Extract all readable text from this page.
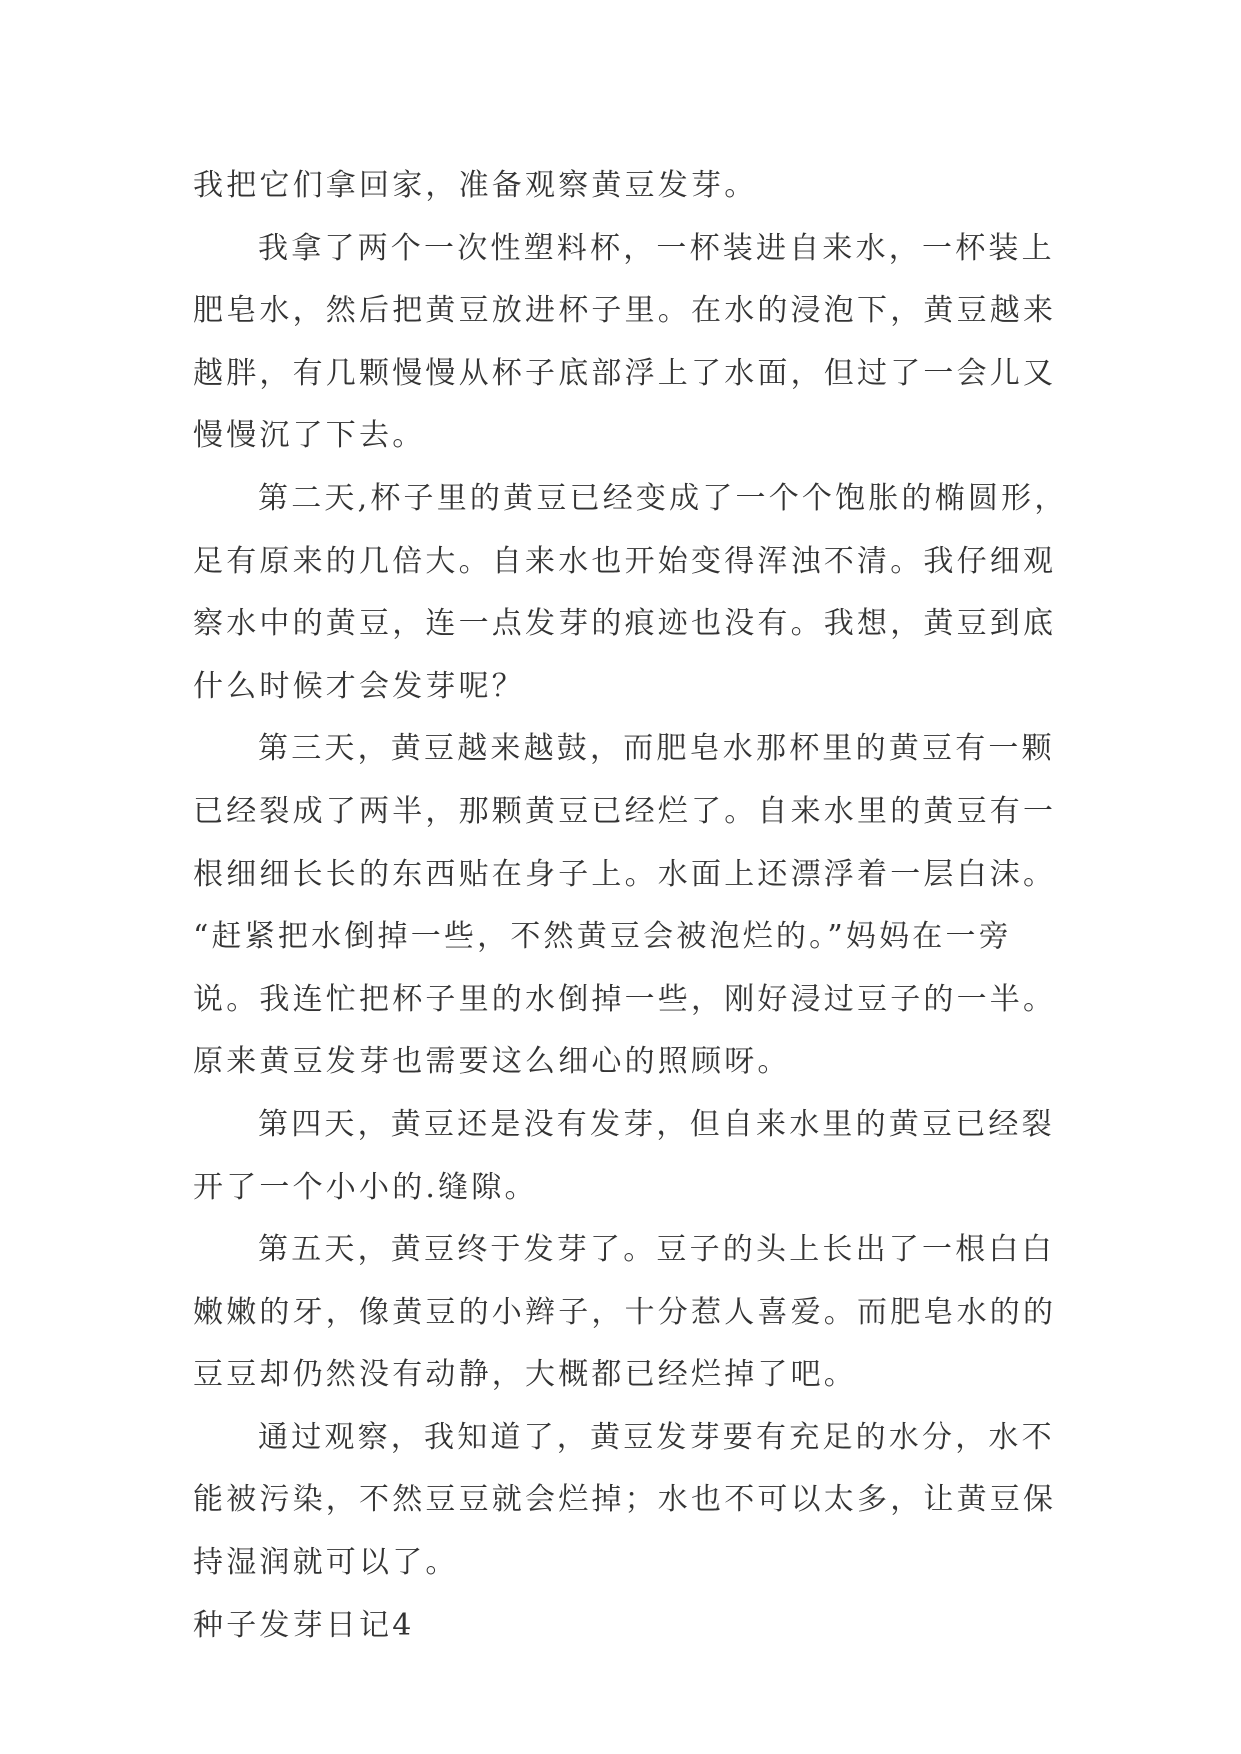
我把它们拿回家，准备观察黄豆发芽。
我拿了两个一次性塑料杯，一杯装进自来水，一杯装上
肥皂水，然后把黄豆放进杯子里。在水的浸泡下，黄豆越来
越胖，有几颗慢慢从杯子底部浮上了水面，但过了一会儿又
慢慢沉了下去。
第二天,杯子里的黄豆已经变成了一个个饱胀的椭圆形，
足有原来的几倍大。自来水也开始变得浑浊不清。我仔细观
察水中的黄豆，连一点发芽的痕迹也没有。我想，黄豆到底
什么时候才会发芽呢？
第三天，黄豆越来越鼓，而肥皂水那杯里的黄豆有一颗
已经裂成了两半，那颗黄豆已经烂了。自来水里的黄豆有一
根细细长长的东西贴在身子上。水面上还漂浮着一层白沫。
“赶紧把水倒掉一些，不然黄豆会被泡烂的。”妈妈在一旁
说。我连忙把杯子里的水倒掉一些，刚好浸过豆子的一半。
原来黄豆发芽也需要这么细心的照顾呀。
第四天，黄豆还是没有发芽，但自来水里的黄豆已经裂
开了一个小小的.缝隙。
第五天，黄豆终于发芽了。豆子的头上长出了一根白白
嫩嫩的牙，像黄豆的小辫子，十分惹人喜爱。而肥皂水的的
豆豆却仍然没有动静，大概都已经烂掉了吧。
通过观察，我知道了，黄豆发芽要有充足的水分，水不
能被污染，不然豆豆就会烂掉；水也不可以太多，让黄豆保
持湿润就可以了。
种子发芽日记4
